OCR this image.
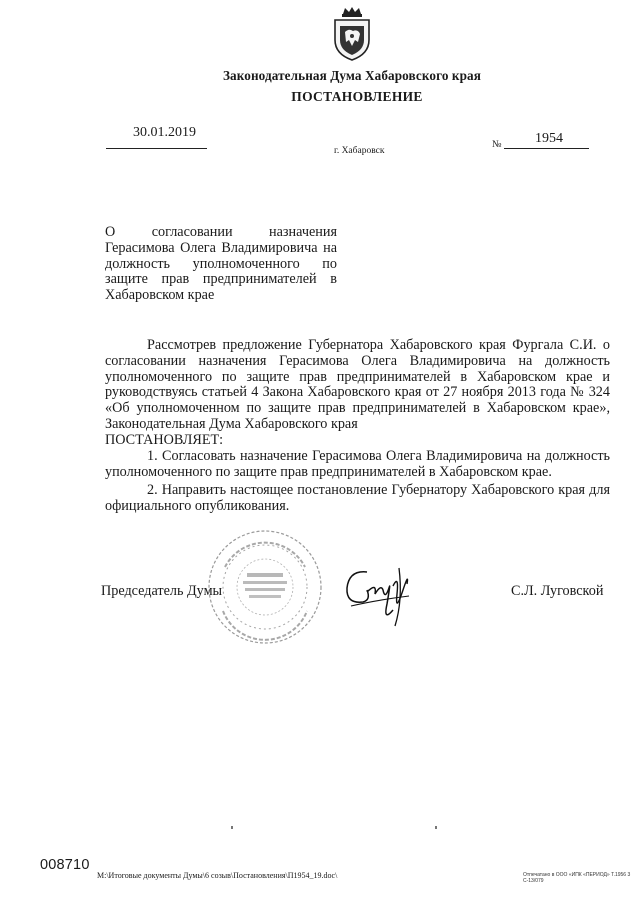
Законодательная Дума Хабаровского края
ПОСТАНОВЛЕНИЕ
30.01.2019
г. Хабаровск
№ 1954
О согласовании назначения Герасимова Олега Владимировича на должность уполномоченного по защите прав предпринимателей в Хабаровском крае
Рассмотрев предложение Губернатора Хабаровского края Фургала С.И. о согласовании назначения Герасимова Олега Владимировича на должность уполномоченного по защите прав предпринимателей в Хабаровском крае и руководствуясь статьей 4 Закона Хабаровского края от 27 ноября 2013 года № 324 «Об уполномоченном по защите прав предпринимателей в Хабаровском крае», Законодательная Дума Хабаровского края
ПОСТАНОВЛЯЕТ:
1. Согласовать назначение Герасимова Олега Владимировича на должность уполномоченного по защите прав предпринимателей в Хабаровском крае.
2. Направить настоящее постановление Губернатору Хабаровского края для официального опубликования.
Председатель Думы	С.Л. Луговской
008710
M:\Итоговые документы Думы\6 созыв\Постановления\П1954_19.doc\	Отпечатано в ООО «ИПК «ПЕРИОД» Т.1956 3 С-13/079
